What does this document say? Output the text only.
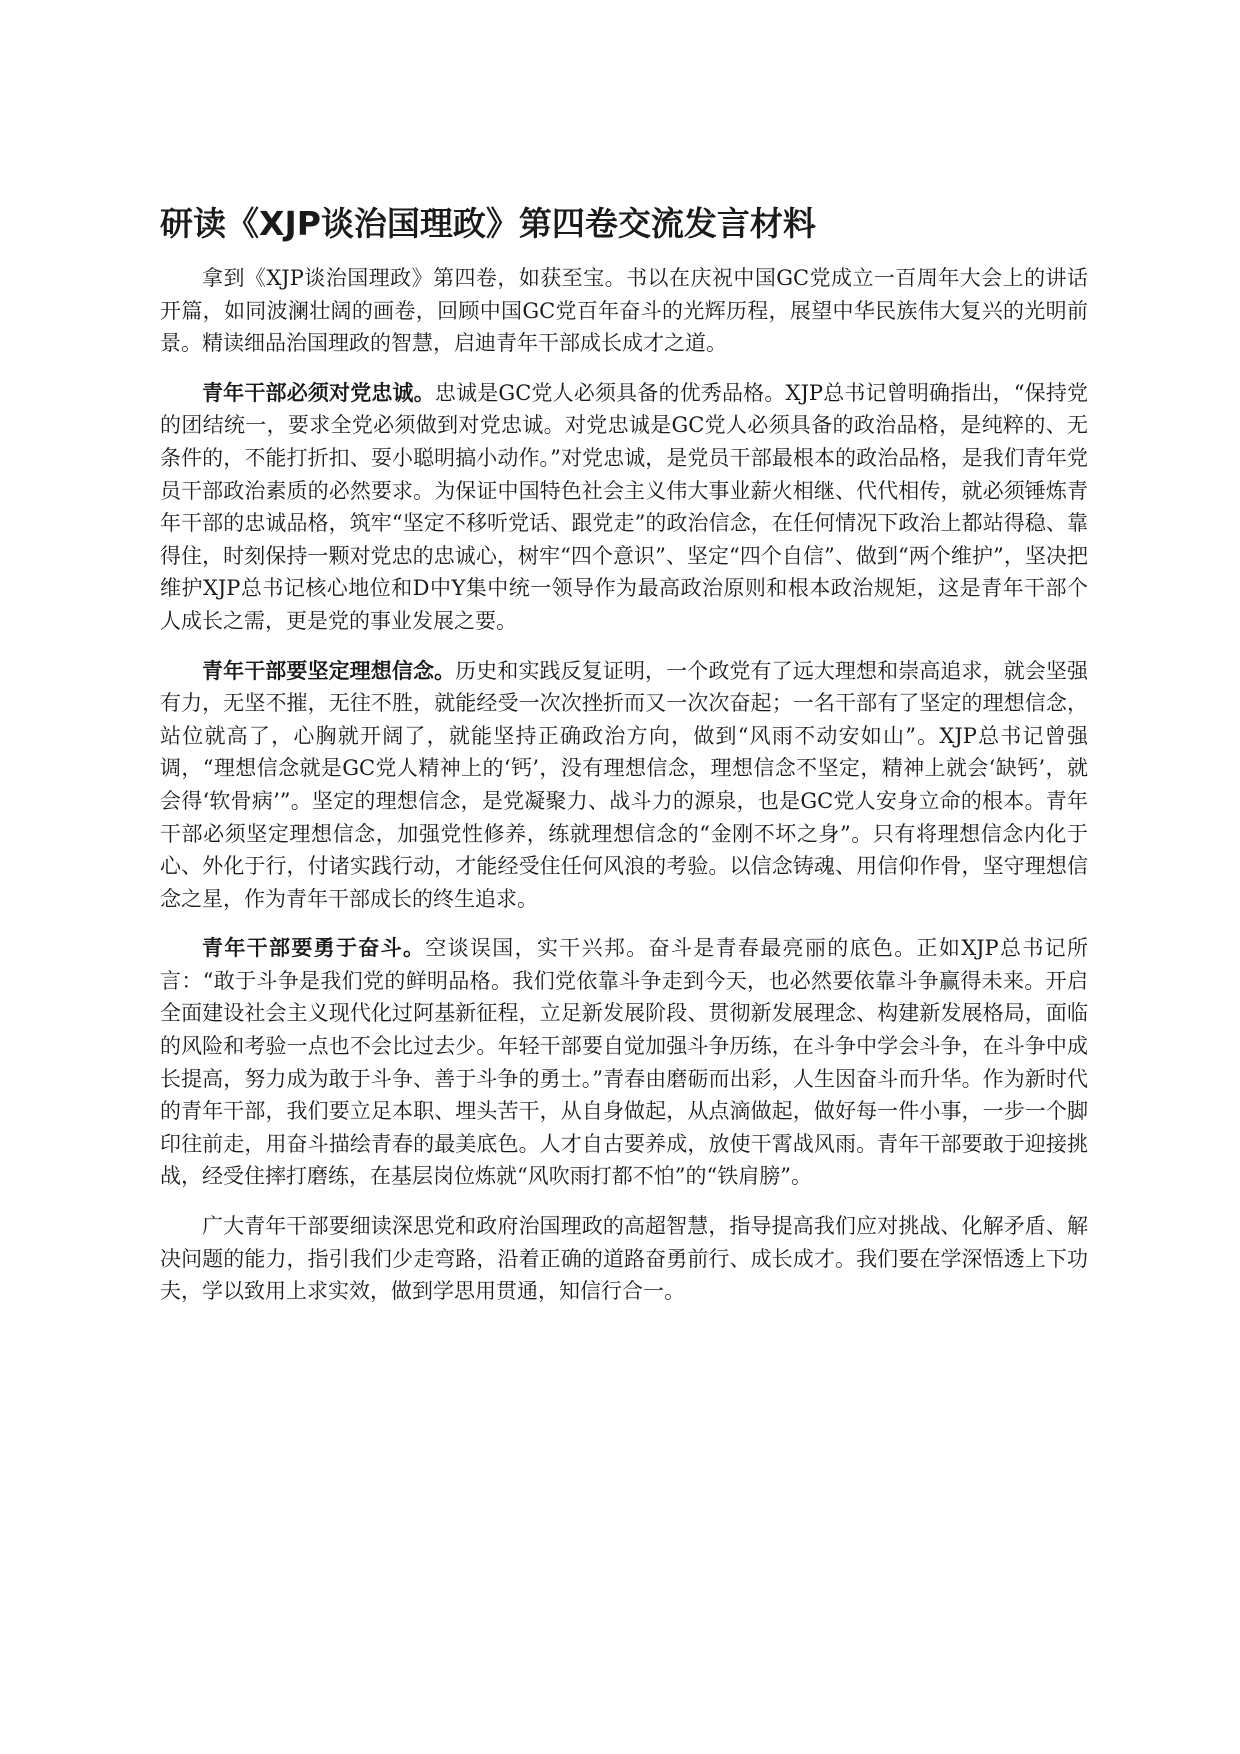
研读《XJP谈治国理政》第四卷交流发言材料

拿到《XJP谈治国理政》第四卷，如获至宝。书以在庆祝中国GC党成立一百周年大会上的讲话开篇，如同波澜壮阔的画卷，回顾中国GC党百年奋斗的光辉历程，展望中华民族伟大复兴的光明前景。精读细品治国理政的智慧，启迪青年干部成长成才之道。

青年干部必须对党忠诚。忠诚是GC党人必须具备的优秀品格。XJP总书记曾明确指出，“保持党的团结统一，要求全党必须做到对党忠诚。对党忠诚是GC党人必须具备的政治品格，是纯粹的、无条件的，不能打折扣、耍小聪明搞小动作。”对党忠诚，是党员干部最根本的政治品格，是我们青年党员干部政治素质的必然要求。为保证中国特色社会主义伟大事业薪火相继、代代相传，就必须锤炼青年干部的忠诚品格，筑牢“坚定不移听党话、跟党走”的政治信念，在任何情况下政治上都站得稳、靠得住，时刻保持一颗对党忠的忠诚心，树牢“四个意识”、坚定“四个自信”、做到“两个维护”，坚决把维护XJP总书记核心地位和D中Y集中统一领导作为最高政治原则和根本政治规矩，这是青年干部个人成长之需，更是党的事业发展之要。

青年干部要坚定理想信念。历史和实践反复证明，一个政党有了远大理想和崇高追求，就会坚强有力，无坚不摧，无往不胜，就能经受一次次挫折而又一次次奋起；一名干部有了坚定的理想信念，站位就高了，心胸就开阔了，就能坚持正确政治方向，做到“风雨不动安如山”。XJP总书记曾强调，“理想信念就是GC党人精神上的‘钙’，没有理想信念，理想信念不坚定，精神上就会‘缺钙’，就会得‘软骨病’”。坚定的理想信念，是党凝聚力、战斗力的源泉，也是GC党人安身立命的根本。青年干部必须坚定理想信念，加强党性修养，练就理想信念的“金刚不坏之身”。只有将理想信念内化于心、外化于行，付诸实践行动，才能经受住任何风浪的考验。以信念铸魂、用信仰作骨，坚守理想信念之星，作为青年干部成长的终生追求。

青年干部要勇于奋斗。空谈误国，实干兴邦。奋斗是青春最亮丽的底色。正如XJP总书记所言：“敢于斗争是我们党的鲜明品格。我们党依靠斗争走到今天，也必然要依靠斗争赢得未来。开启全面建设社会主义现代化过阿基新征程，立足新发展阶段、贯彻新发展理念、构建新发展格局，面临的风险和考验一点也不会比过去少。年轻干部要自觉加强斗争历练，在斗争中学会斗争，在斗争中成长提高，努力成为敢于斗争、善于斗争的勇士。”青春由磨砺而出彩，人生因奋斗而升华。作为新时代的青年干部，我们要立足本职、埋头苦干，从自身做起，从点滴做起，做好每一件小事，一步一个脚印往前走，用奋斗描绘青春的最美底色。人才自古要养成，放使干霄战风雨。青年干部要敢于迎接挑战，经受住摔打磨练，在基层岗位炼就“风吹雨打都不怕”的“铁肩膀”。

广大青年干部要细读深思党和政府治国理政的高超智慧，指导提高我们应对挑战、化解矛盾、解决问题的能力，指引我们少走弯路，沿着正确的道路奋勇前行、成长成才。我们要在学深悟透上下功夫，学以致用上求实效，做到学思用贯通，知信行合一。
